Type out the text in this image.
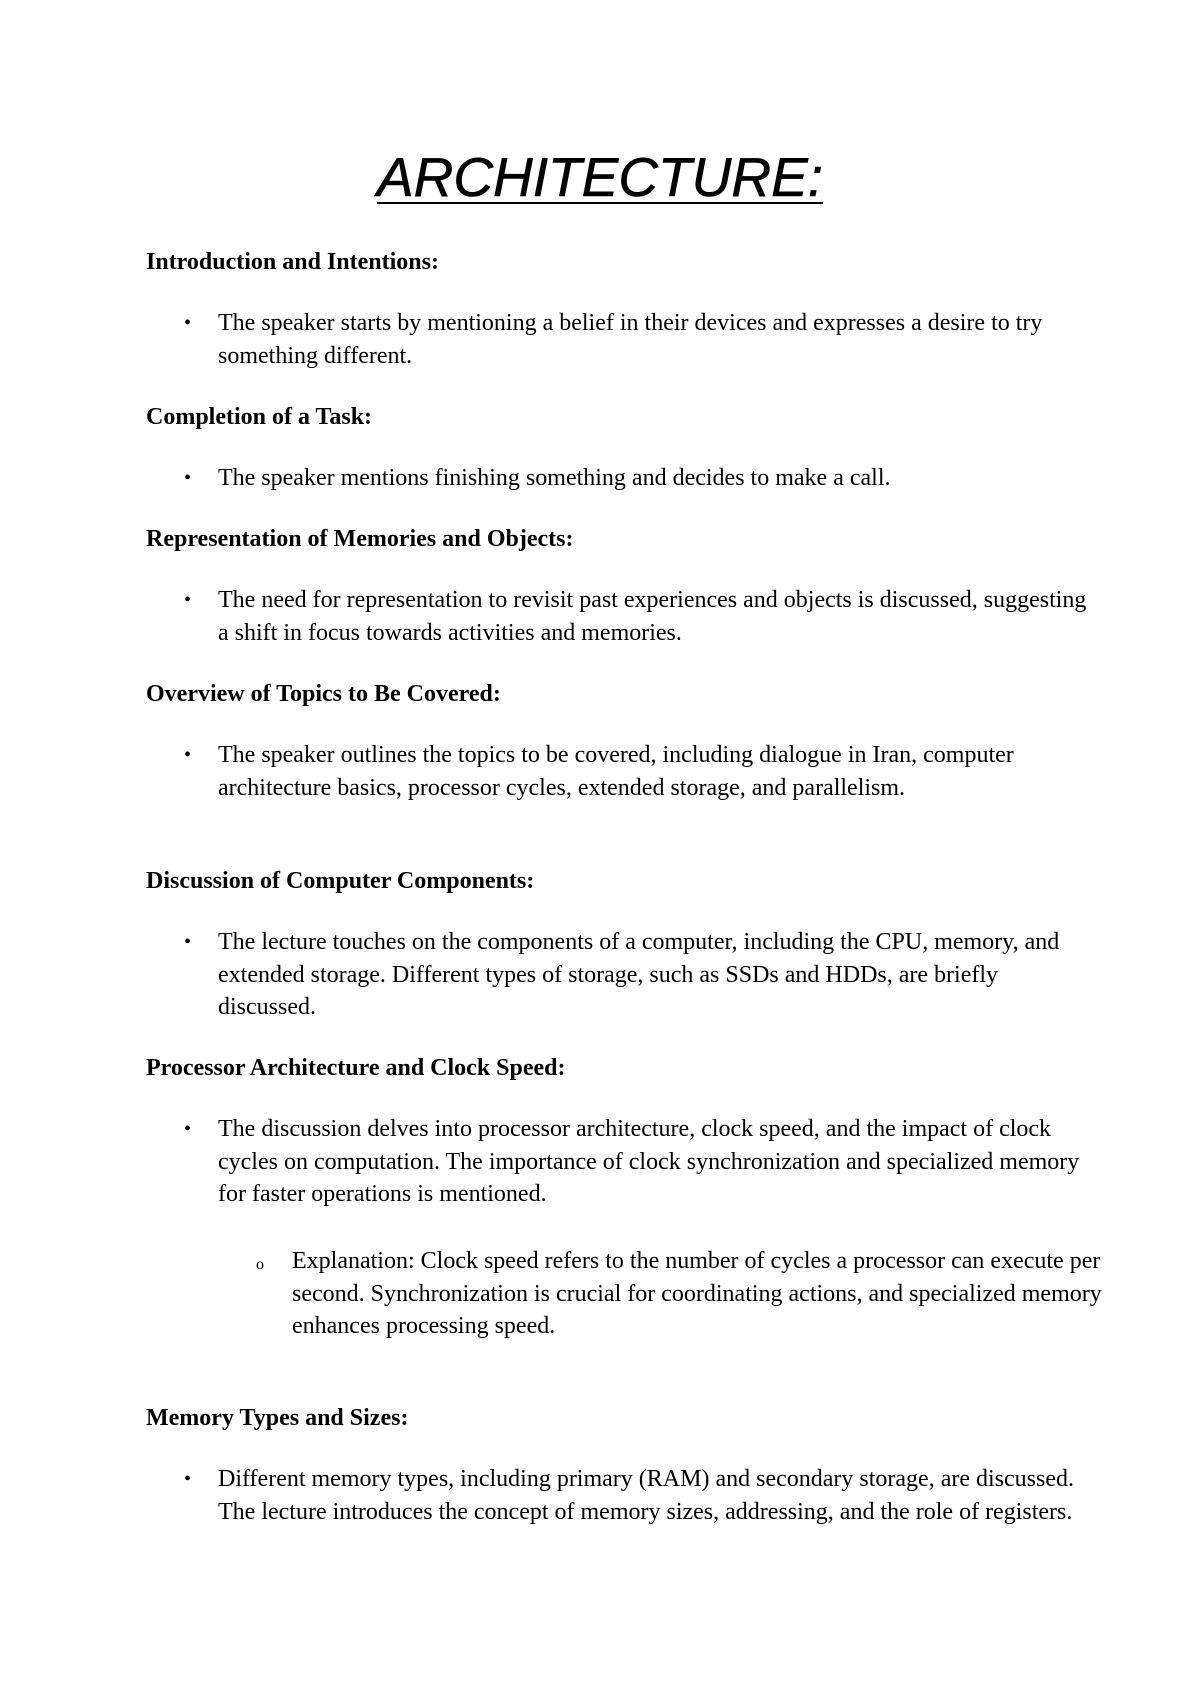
ARCHITECTURE:

Introduction and Intentions:

•	The speaker starts by mentioning a belief in their devices and expresses a desire to try something different.

Completion of a Task:

•	The speaker mentions finishing something and decides to make a call.

Representation of Memories and Objects:

•	The need for representation to revisit past experiences and objects is discussed, suggesting a shift in focus towards activities and memories.

Overview of Topics to Be Covered:

•	The speaker outlines the topics to be covered, including dialogue in Iran, computer architecture basics, processor cycles, extended storage, and parallelism.

Discussion of Computer Components:

•	The lecture touches on the components of a computer, including the CPU, memory, and extended storage. Different types of storage, such as SSDs and HDDs, are briefly discussed.

Processor Architecture and Clock Speed:

•	The discussion delves into processor architecture, clock speed, and the impact of clock cycles on computation. The importance of clock synchronization and specialized memory for faster operations is mentioned.
o	Explanation: Clock speed refers to the number of cycles a processor can execute per second. Synchronization is crucial for coordinating actions, and specialized memory enhances processing speed.

Memory Types and Sizes:

•	Different memory types, including primary (RAM) and secondary storage, are discussed. The lecture introduces the concept of memory sizes, addressing, and the role of registers.
